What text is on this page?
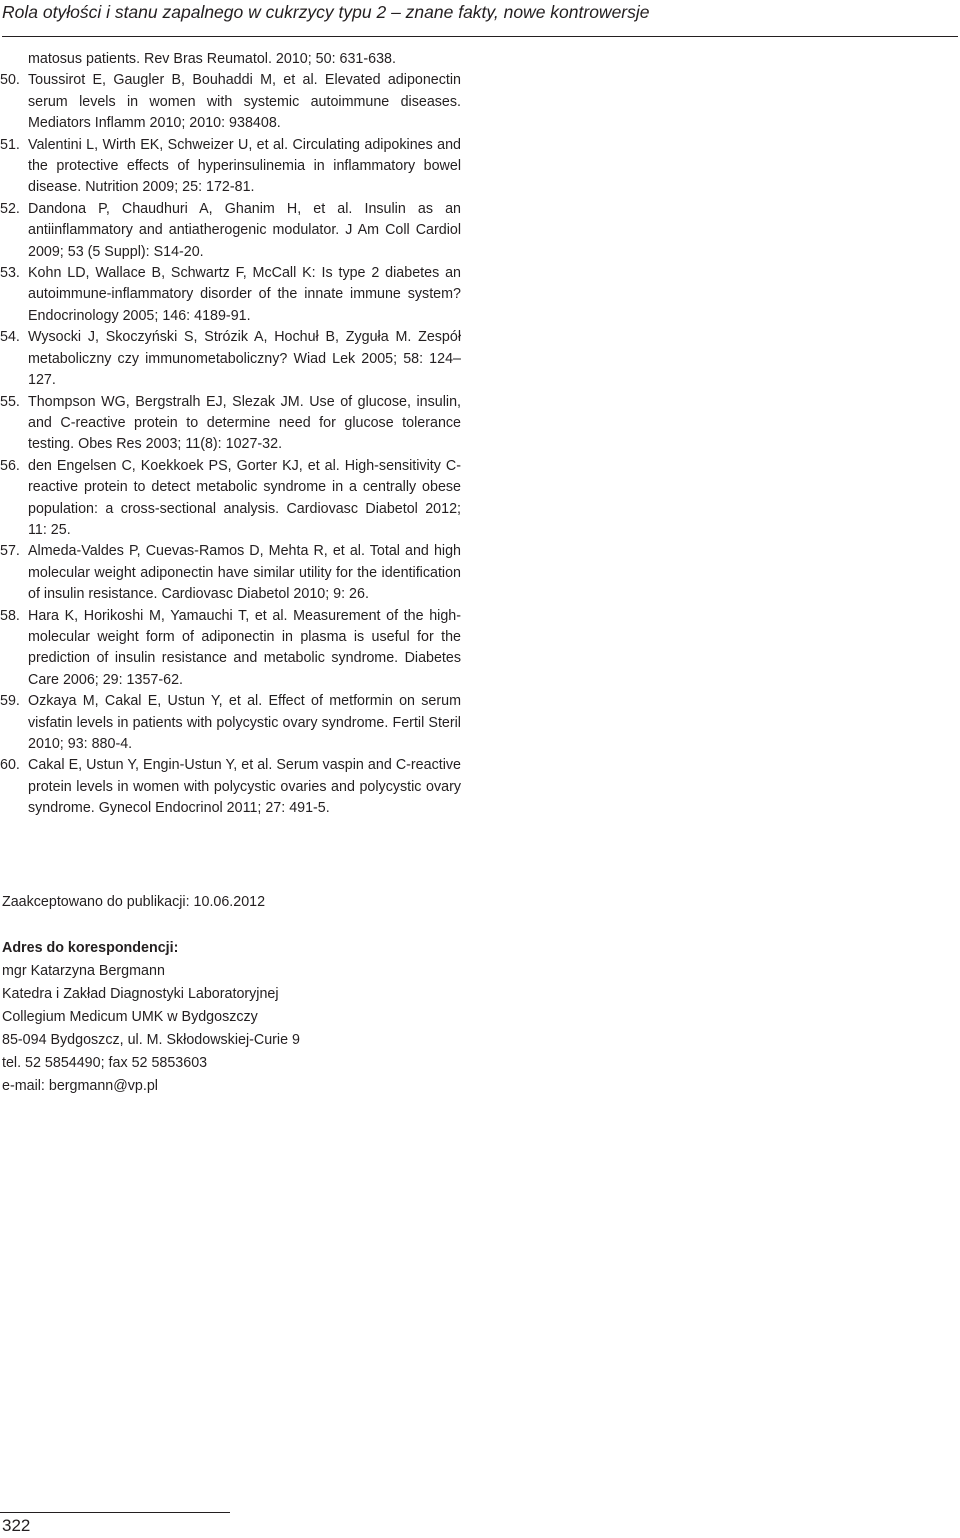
Rola otyłości i stanu zapalnego w cukrzycy typu 2 – znane fakty, nowe kontrowersje
matosus patients. Rev Bras Reumatol. 2010; 50: 631-638.
50. Toussirot E, Gaugler B, Bouhaddi M, et al. Elevated adiponectin serum levels in women with systemic autoimmune diseases. Mediators Inflamm 2010; 2010: 938408.
51. Valentini L, Wirth EK, Schweizer U, et al. Circulating adipokines and the protective effects of hyperinsulinemia in inflammatory bowel disease. Nutrition 2009; 25: 172-81.
52. Dandona P, Chaudhuri A, Ghanim H, et al. Insulin as an antiinflammatory and antiatherogenic modulator. J Am Coll Cardiol 2009; 53 (5 Suppl): S14-20.
53. Kohn LD, Wallace B, Schwartz F, McCall K: Is type 2 diabetes an autoimmune-inflammatory disorder of the innate immune system? Endocrinology 2005; 146: 4189-91.
54. Wysocki J, Skoczyński S, Strózik A, Hochuł B, Zyguła M. Zespół metaboliczny czy immunometaboliczny? Wiad Lek 2005; 58: 124–127.
55. Thompson WG, Bergstralh EJ, Slezak JM. Use of glucose, insulin, and C-reactive protein to determine need for glucose tolerance testing. Obes Res 2003; 11(8): 1027-32.
56. den Engelsen C, Koekkoek PS, Gorter KJ, et al. High-sensitivity C-reactive protein to detect metabolic syndrome in a centrally obese population: a cross-sectional analysis. Cardiovasc Diabetol 2012; 11: 25.
57. Almeda-Valdes P, Cuevas-Ramos D, Mehta R, et al. Total and high molecular weight adiponectin have similar utility for the identification of insulin resistance. Cardiovasc Diabetol 2010; 9: 26.
58. Hara K, Horikoshi M, Yamauchi T, et al. Measurement of the high-molecular weight form of adiponectin in plasma is useful for the prediction of insulin resistance and metabolic syndrome. Diabetes Care 2006; 29: 1357-62.
59. Ozkaya M, Cakal E, Ustun Y, et al. Effect of metformin on serum visfatin levels in patients with polycystic ovary syndrome. Fertil Steril 2010; 93: 880-4.
60. Cakal E, Ustun Y, Engin-Ustun Y, et al. Serum vaspin and C-reactive protein levels in women with polycystic ovaries and polycystic ovary syndrome. Gynecol Endocrinol 2011; 27: 491-5.

Zaakceptowano do publikacji: 10.06.2012

Adres do korespondencji:

mgr Katarzyna Bergmann

Katedra i Zakład Diagnostyki Laboratoryjnej

Collegium Medicum UMK w Bydgoszczy

85-094 Bydgoszcz, ul. M. Skłodowskiej-Curie 9

tel. 52 5854490; fax 52 5853603

e-mail: bergmann@vp.pl

322
